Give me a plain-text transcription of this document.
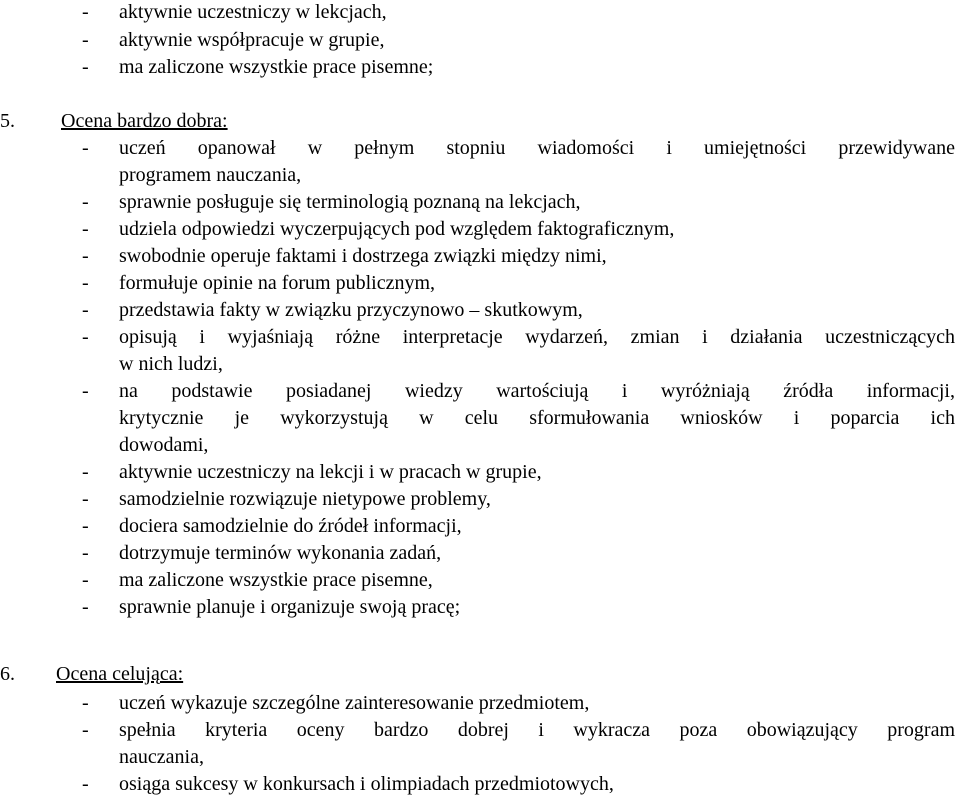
- aktywnie uczestniczy w lekcjach,
- aktywnie współpracuje w grupie,
- ma zaliczone wszystkie prace pisemne;
5.	Ocena bardzo dobra:
- uczeń opanował w pełnym stopniu wiadomości i umiejętności przewidywane
programem nauczania,
- sprawnie posługuje się terminologią poznaną na lekcjach,
- udziela odpowiedzi wyczerpujących pod względem faktograficznym,
- swobodnie operuje faktami i dostrzega związki między nimi,
- formułuje opinie na forum publicznym,
- przedstawia fakty w związku przyczynowo – skutkowym,
- opisują i wyjaśniają różne interpretacje wydarzeń, zmian i działania uczestniczących
w nich ludzi,
- na podstawie posiadanej wiedzy wartościują i wyróżniają źródła informacji,
krytycznie je wykorzystują w celu sformułowania wniosków i poparcia ich
dowodami,
- aktywnie uczestniczy na lekcji i w pracach w grupie,
- samodzielnie rozwiązuje nietypowe problemy,
- dociera samodzielnie do źródeł informacji,
- dotrzymuje terminów wykonania zadań,
- ma zaliczone wszystkie prace pisemne,
- sprawnie planuje i organizuje swoją pracę;
6.	Ocena celująca:
- uczeń wykazuje szczególne zainteresowanie przedmiotem,
- spełnia kryteria oceny bardzo dobrej i wykracza poza obowiązujący program
nauczania,
- osiąga sukcesy w konkursach i olimpiadach przedmiotowych,
